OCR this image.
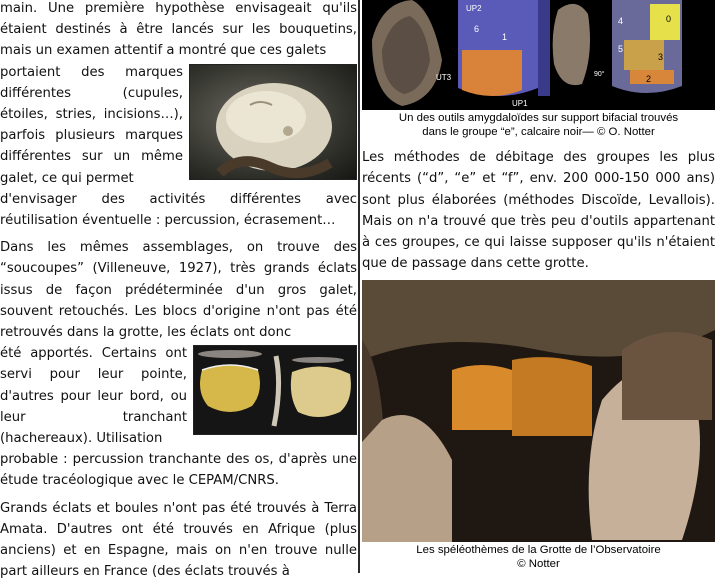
main. Une première hypothèse envisageait qu'ils étaient destinés à être lancés sur les bouquetins, mais un examen attentif a montré que ces galets

portaient des marques différentes (cupules, étoiles, stries, incisions…), parfois plusieurs marques différentes sur un même galet, ce qui permet

d'envisager des activités différentes avec réutilisation éventuelle : percussion, écrasement…

Dans les mêmes assemblages, on trouve des “soucoupes” (Villeneuve, 1927), très grands éclats issus de façon prédéterminée d'un gros galet, souvent retouchés. Les blocs d'origine n'ont pas été retrouvés dans la grotte, les éclats ont donc

été apportés. Certains ont servi pour leur pointe, d'autres pour leur bord, ou leur tranchant (hachereaux). Utilisation

probable : percussion tranchante des os, d'après une étude tracéologique avec le CEPAM/CNRS.

Grands éclats et boules n'ont pas été trouvés à Terra Amata. D'autres ont été trouvés en Afrique (plus anciens) et en Espagne, mais on n'en trouve nulle part ailleurs en France (des éclats trouvés à

UP2
UT3
UP1
1
6
4
5
3
2
0
90°
Un des outils amygdaloïdes sur support bifacial trouvés
dans le groupe “e”, calcaire noir— © O. Notter

Les méthodes de débitage des groupes les plus récents (“d”, “e” et “f”, env. 200 000-150 000 ans) sont plus élaborées (méthodes Discoïde, Levallois). Mais on n'a trouvé que très peu d'outils appartenant à ces groupes, ce qui laisse supposer qu'ils n'étaient que de passage dans cette grotte.

Les spéléothèmes de la Grotte de l’Observatoire
© Notter
